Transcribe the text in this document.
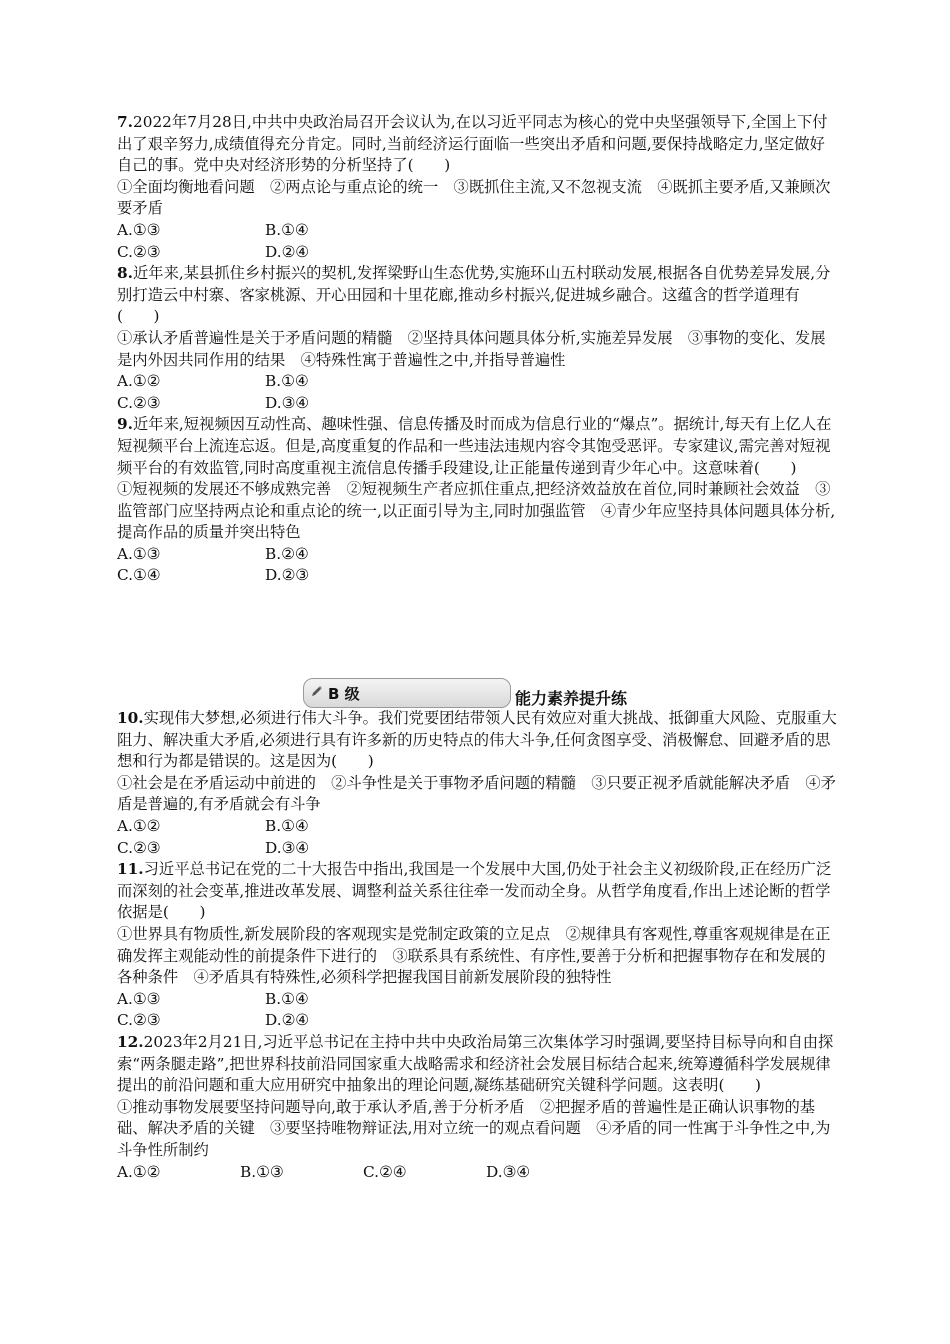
7.2022年7月28日,中共中央政治局召开会议认为,在以习近平同志为核心的党中央坚强领导下,全国上下付出了艰辛努力,成绩值得充分肯定。同时,当前经济运行面临一些突出矛盾和问题,要保持战略定力,坚定做好自己的事。党中央对经济形势的分析坚持了(　　)

①全面均衡地看问题　②两点论与重点论的统一　③既抓住主流,又不忽视支流　④既抓主要矛盾,又兼顾次要矛盾

A.①③	B.①④
C.②③	D.②④

8.近年来,某县抓住乡村振兴的契机,发挥梁野山生态优势,实施环山五村联动发展,根据各自优势差异发展,分别打造云中村寨、客家桃源、开心田园和十里花廊,推动乡村振兴,促进城乡融合。这蕴含的哲学道理有(　　)

①承认矛盾普遍性是关于矛盾问题的精髓　②坚持具体问题具体分析,实施差异发展　③事物的变化、发展是内外因共同作用的结果　④特殊性寓于普遍性之中,并指导普遍性

A.①②	B.①④
C.②③	D.③④

9.近年来,短视频因互动性高、趣味性强、信息传播及时而成为信息行业的“爆点”。据统计,每天有上亿人在短视频平台上流连忘返。但是,高度重复的作品和一些违法违规内容令其饱受恶评。专家建议,需完善对短视频平台的有效监管,同时高度重视主流信息传播手段建设,让正能量传递到青少年心中。这意味着(　　)

①短视频的发展还不够成熟完善　②短视频生产者应抓住重点,把经济效益放在首位,同时兼顾社会效益　③监管部门应坚持两点论和重点论的统一,以正面引导为主,同时加强监管　④青少年应坚持具体问题具体分析,提高作品的质量并突出特色

A.①③	B.②④
C.①④	D.②③
B 级	能力素养提升练

10.实现伟大梦想,必须进行伟大斗争。我们党要团结带领人民有效应对重大挑战、抵御重大风险、克服重大阻力、解决重大矛盾,必须进行具有许多新的历史特点的伟大斗争,任何贪图享受、消极懈怠、回避矛盾的思想和行为都是错误的。这是因为(　　)

①社会是在矛盾运动中前进的　②斗争性是关于事物矛盾问题的精髓　③只要正视矛盾就能解决矛盾　④矛盾是普遍的,有矛盾就会有斗争

A.①②	B.①④
C.②③	D.③④

11.习近平总书记在党的二十大报告中指出,我国是一个发展中大国,仍处于社会主义初级阶段,正在经历广泛而深刻的社会变革,推进改革发展、调整利益关系往往牵一发而动全身。从哲学角度看,作出上述论断的哲学依据是(　　)

①世界具有物质性,新发展阶段的客观现实是党制定政策的立足点　②规律具有客观性,尊重客观规律是在正确发挥主观能动性的前提条件下进行的　③联系具有系统性、有序性,要善于分析和把握事物存在和发展的各种条件　④矛盾具有特殊性,必须科学把握我国目前新发展阶段的独特性

A.①③	B.①④
C.②③	D.②④

12.2023年2月21日,习近平总书记在主持中共中央政治局第三次集体学习时强调,要坚持目标导向和自由探索“两条腿走路”,把世界科技前沿同国家重大战略需求和经济社会发展目标结合起来,统筹遵循科学发展规律提出的前沿问题和重大应用研究中抽象出的理论问题,凝练基础研究关键科学问题。这表明(　　)

①推动事物发展要坚持问题导向,敢于承认矛盾,善于分析矛盾　②把握矛盾的普遍性是正确认识事物的基础、解决矛盾的关键　③要坚持唯物辩证法,用对立统一的观点看问题　④矛盾的同一性寓于斗争性之中,为斗争性所制约

A.①②	B.①③	C.②④	D.③④
